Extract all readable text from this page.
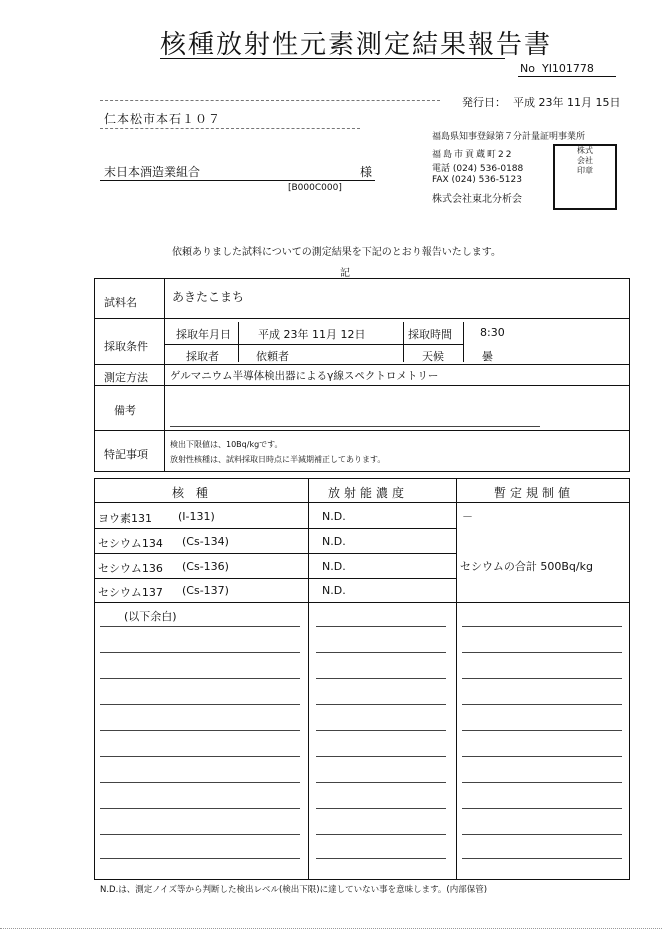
核種放射性元素測定結果報告書
No YI101778
発行日： 平成 23年 11月 15日
仁本松市本石１０７
末日本酒造業組合	様
[B000C000]
福島県知事登録第７分計量証明事業所
福島市貢蔵町22
電話 (024) 536-0188
FAX (024) 536-5123
株式会社東北分析会
株式
会社
印章
依頼ありました試料についての測定結果を下記のとおり報告いたします。
記
試料名	あきたこまち
採取条件
採取年月日 平成 23年 11月 12日	採取時間	8:30
採取者	依頼者	天候	曇
測定方法 ゲルマニウム半導体検出器によるγ線スペクトロメトリー
備考
特記事項
検出下限値は、10Bq/kgです。
放射性核種は、試料採取日時点に半減期補正してあります。
核 種	放射能濃度	暫定規制値
ヨウ素131 (I-131)	N.D.	－
セシウム134 (Cs-134)	N.D.
セシウム136 (Cs-136)	N.D.	セシウムの合計 500Bq/kg
セシウム137 (Cs-137)	N.D.
(以下余白)
N.D.は、測定ノイズ等から判断した検出レベル(検出下限)に達していない事を意味します。(内部保管)
